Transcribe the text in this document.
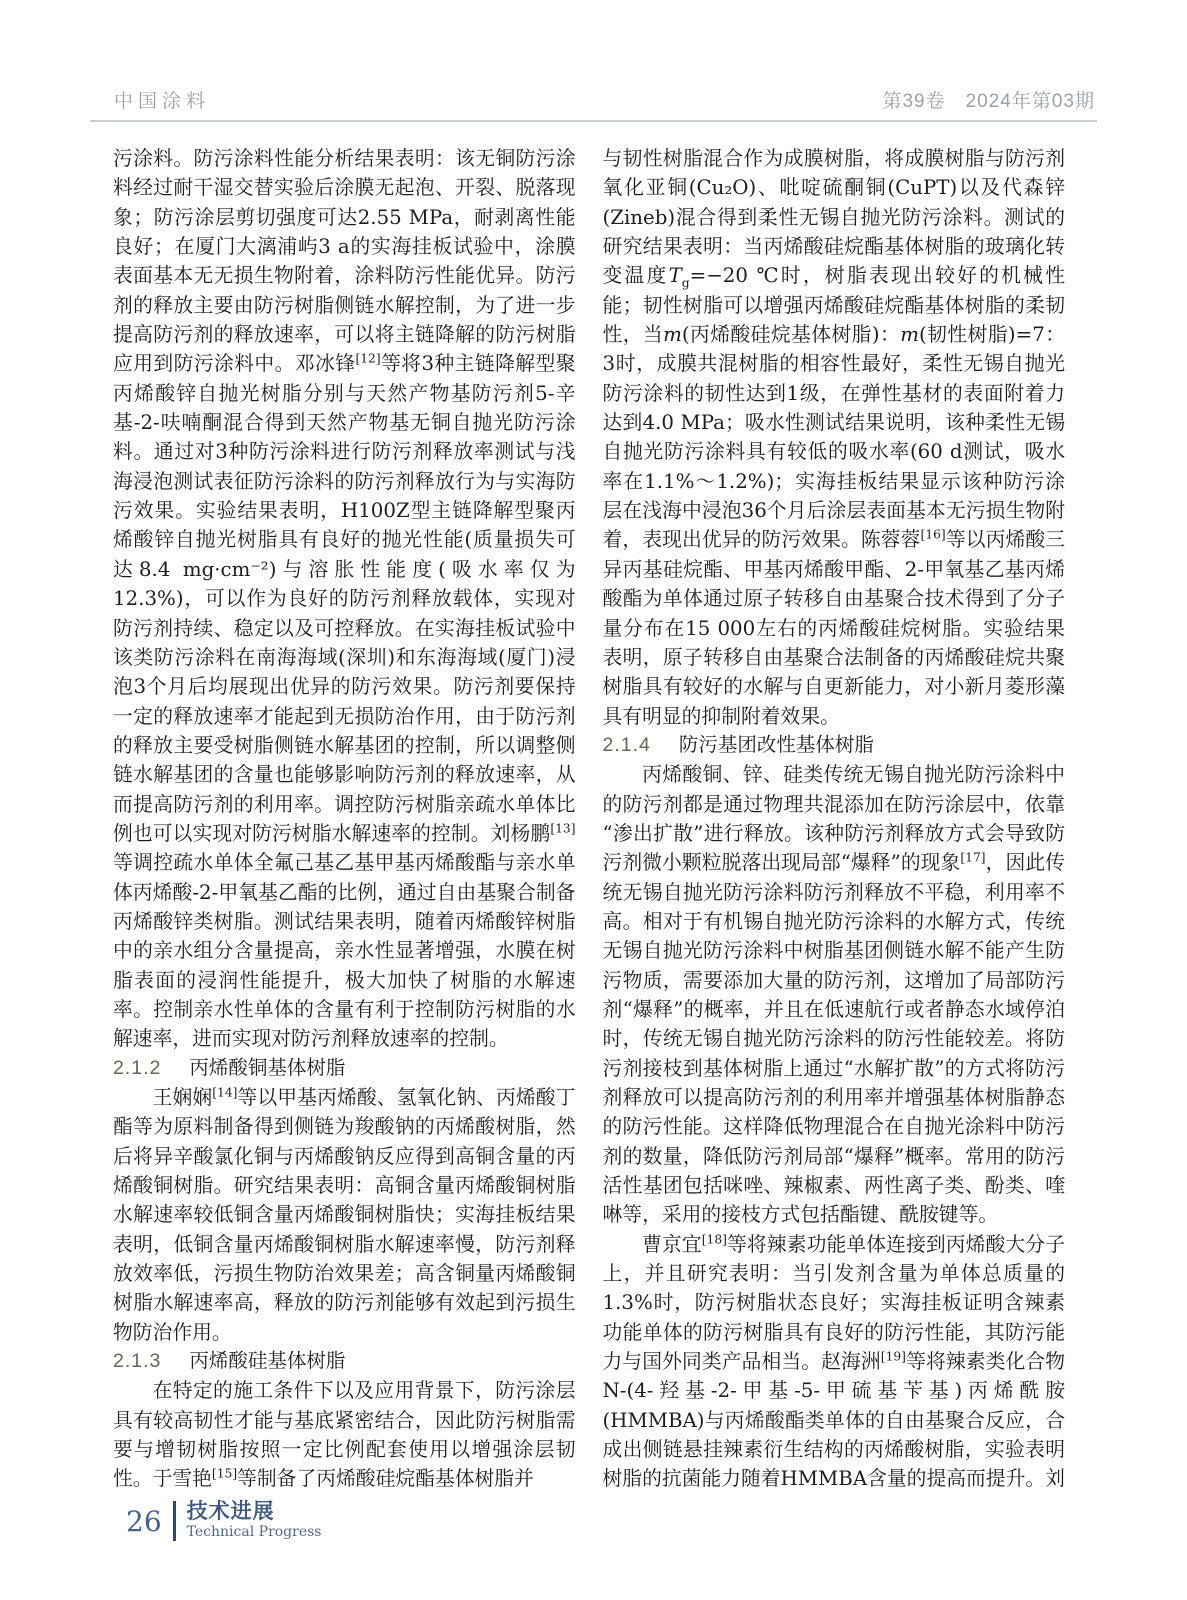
中国涂料	第39卷　2024年第03期

污涂料。防污涂料性能分析结果表明：该无铜防污涂料经过耐干湿交替实验后涂膜无起泡、开裂、脱落现象；防污涂层剪切强度可达2.55 MPa，耐剥离性能良好；在厦门大漓浦屿3 a的实海挂板试验中，涂膜表面基本无无损生物附着，涂料防污性能优异。防污剂的释放主要由防污树脂侧链水解控制，为了进一步提高防污剂的释放速率，可以将主链降解的防污树脂应用到防污涂料中。邓冰锋[12]等将3种主链降解型聚丙烯酸锌自抛光树脂分别与天然产物基防污剂5-辛基-2-呋喃酮混合得到天然产物基无铜自抛光防污涂料。通过对3种防污涂料进行防污剂释放率测试与浅海浸泡测试表征防污涂料的防污剂释放行为与实海防污效果。实验结果表明，H100Z型主链降解型聚丙烯酸锌自抛光树脂具有良好的抛光性能(质量损失可达8.4 mg·cm⁻²)与溶胀性能度(吸水率仅为12.3%)，可以作为良好的防污剂释放载体，实现对防污剂持续、稳定以及可控释放。在实海挂板试验中该类防污涂料在南海海域(深圳)和东海海域(厦门)浸泡3个月后均展现出优异的防污效果。防污剂要保持一定的释放速率才能起到无损防治作用，由于防污剂的释放主要受树脂侧链水解基团的控制，所以调整侧链水解基团的含量也能够影响防污剂的释放速率，从而提高防污剂的利用率。调控防污树脂亲疏水单体比例也可以实现对防污树脂水解速率的控制。刘杨鹏[13]等调控疏水单体全氟己基乙基甲基丙烯酸酯与亲水单体丙烯酸-2-甲氧基乙酯的比例，通过自由基聚合制备丙烯酸锌类树脂。测试结果表明，随着丙烯酸锌树脂中的亲水组分含量提高，亲水性显著增强，水膜在树脂表面的浸润性能提升，极大加快了树脂的水解速率。控制亲水性单体的含量有利于控制防污树脂的水解速率，进而实现对防污剂释放速率的控制。

2.1.2 丙烯酸铜基体树脂

王娴娴[14]等以甲基丙烯酸、氢氧化钠、丙烯酸丁酯等为原料制备得到侧链为羧酸钠的丙烯酸树脂，然后将异辛酸氯化铜与丙烯酸钠反应得到高铜含量的丙烯酸铜树脂。研究结果表明：高铜含量丙烯酸铜树脂水解速率较低铜含量丙烯酸铜树脂快；实海挂板结果表明，低铜含量丙烯酸铜树脂水解速率慢，防污剂释放效率低，污损生物防治效果差；高含铜量丙烯酸铜树脂水解速率高，释放的防污剂能够有效起到污损生物防治作用。

2.1.3 丙烯酸硅基体树脂

在特定的施工条件下以及应用背景下，防污涂层具有较高韧性才能与基底紧密结合，因此防污树脂需要与增韧树脂按照一定比例配套使用以增强涂层韧性。于雪艳[15]等制备了丙烯酸硅烷酯基体树脂并

与韧性树脂混合作为成膜树脂，将成膜树脂与防污剂氧化亚铜(Cu₂O)、吡啶硫酮铜(CuPT)以及代森锌(Zineb)混合得到柔性无锡自抛光防污涂料。测试的研究结果表明：当丙烯酸硅烷酯基体树脂的玻璃化转变温度$T_g=-20$ ℃时，树脂表现出较好的机械性能；韧性树脂可以增强丙烯酸硅烷酯基体树脂的柔韧性，当m(丙烯酸硅烷基体树脂)：m(韧性树脂)=7：3时，成膜共混树脂的相容性最好，柔性无锡自抛光防污涂料的韧性达到1级，在弹性基材的表面附着力达到4.0 MPa；吸水性测试结果说明，该种柔性无锡自抛光防污涂料具有较低的吸水率(60 d测试，吸水率在1.1%～1.2%)；实海挂板结果显示该种防污涂层在浅海中浸泡36个月后涂层表面基本无污损生物附着，表现出优异的防污效果。陈蓉蓉[16]等以丙烯酸三异丙基硅烷酯、甲基丙烯酸甲酯、2-甲氧基乙基丙烯酸酯为单体通过原子转移自由基聚合技术得到了分子量分布在15 000左右的丙烯酸硅烷树脂。实验结果表明，原子转移自由基聚合法制备的丙烯酸硅烷共聚树脂具有较好的水解与自更新能力，对小新月菱形藻具有明显的抑制附着效果。

2.1.4 防污基团改性基体树脂

丙烯酸铜、锌、硅类传统无锡自抛光防污涂料中的防污剂都是通过物理共混添加在防污涂层中，依靠“渗出扩散”进行释放。该种防污剂释放方式会导致防污剂微小颗粒脱落出现局部“爆释”的现象[17]，因此传统无锡自抛光防污涂料防污剂释放不平稳，利用率不高。相对于有机锡自抛光防污涂料的水解方式，传统无锡自抛光防污涂料中树脂基团侧链水解不能产生防污物质，需要添加大量的防污剂，这增加了局部防污剂“爆释”的概率，并且在低速航行或者静态水域停泊时，传统无锡自抛光防污涂料的防污性能较差。将防污剂接枝到基体树脂上通过“水解扩散”的方式将防污剂释放可以提高防污剂的利用率并增强基体树脂静态的防污性能。这样降低物理混合在自抛光涂料中防污剂的数量，降低防污剂局部“爆释”概率。常用的防污活性基团包括咪唑、辣椒素、两性离子类、酚类、喹啉等，采用的接枝方式包括酯键、酰胺键等。

曹京宜[18]等将辣素功能单体连接到丙烯酸大分子上，并且研究表明：当引发剂含量为单体总质量的1.3%时，防污树脂状态良好；实海挂板证明含辣素功能单体的防污树脂具有良好的防污性能，其防污能力与国外同类产品相当。赵海洲[19]等将辣素类化合物N-(4-羟基-2-甲基-5-甲硫基苄基)丙烯酰胺(HMMBA)与丙烯酸酯类单体的自由基聚合反应，合成出侧链悬挂辣素衍生结构的丙烯酸树脂，实验表明树脂的抗菌能力随着HMMBA含量的提高而提升。刘

26 技术进展
Technical Progress
